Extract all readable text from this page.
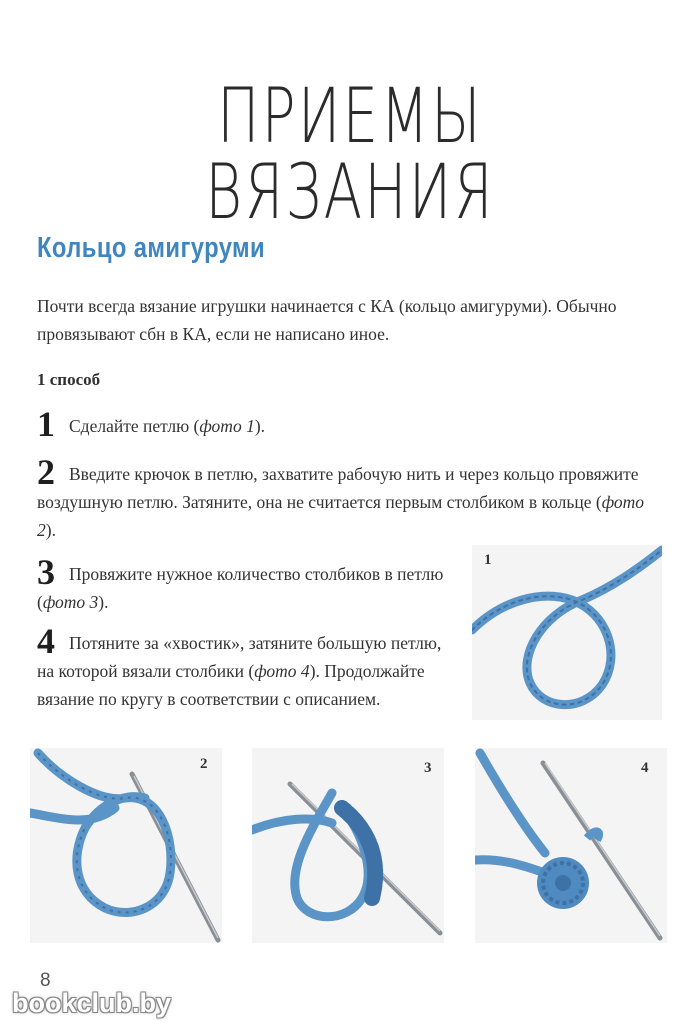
ПРИЕМЫ ВЯЗАНИЯ
Кольцо амигуруми
Почти всегда вязание игрушки начинается с КА (кольцо амигуруми). Обычно провязывают сбн в КА, если не написано иное.
1 способ
1 Сделайте петлю (фото 1).
2 Введите крючок в петлю, захватите рабочую нить и через кольцо провяжите воздушную петлю. Затяните, она не считается первым столбиком в кольце (фото 2).
3 Провяжите нужное количество столбиков в петлю (фото 3).
4 Потяните за «хвостик», затяните большую петлю, на которой вязали столбики (фото 4). Продолжайте вязание по кругу в соответствии с описанием.
1
2	3	4
8
bookclub.by
